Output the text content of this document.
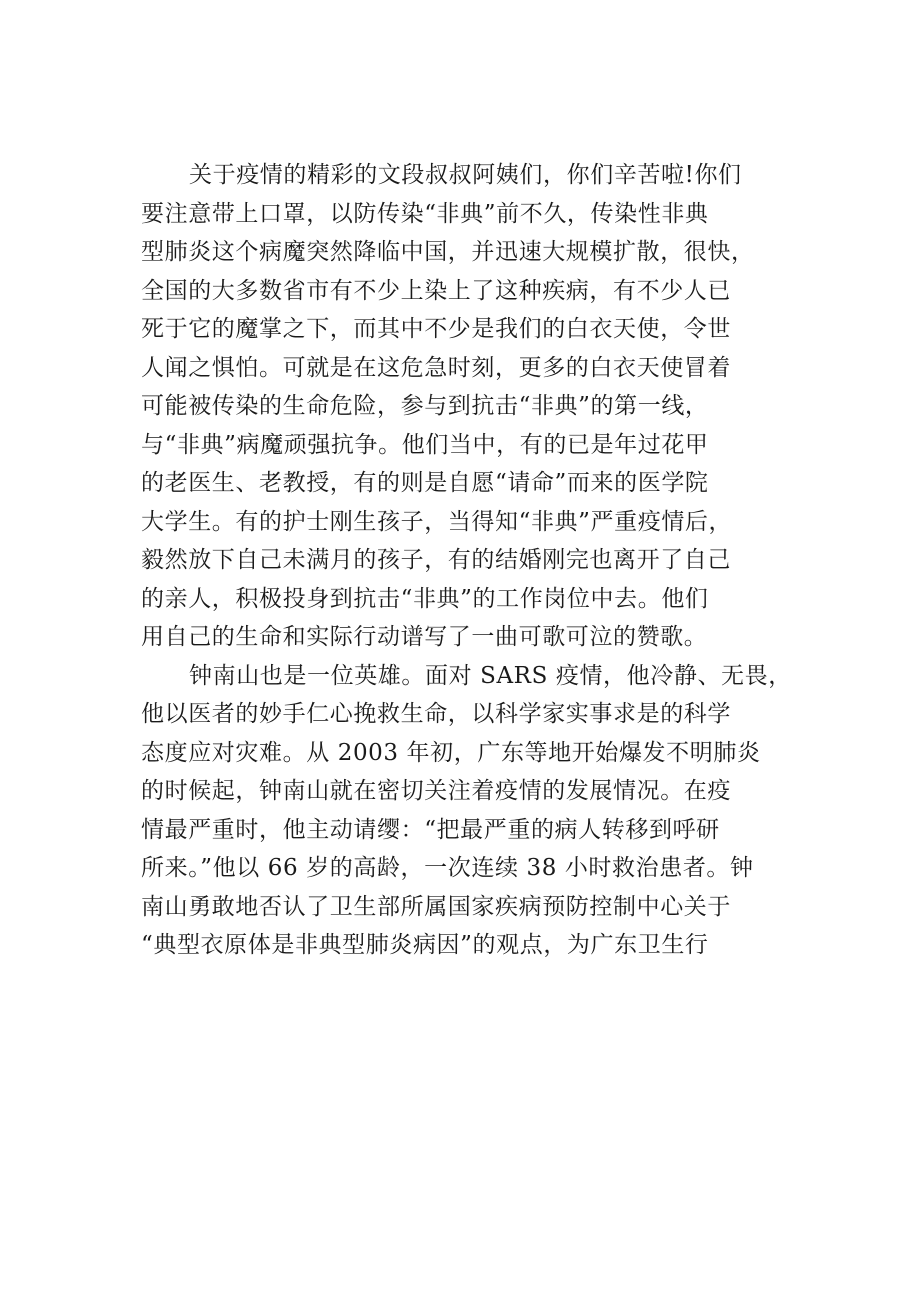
关于疫情的精彩的文段叔叔阿姨们，你们辛苦啦!你们
要注意带上口罩，以防传染“非典”前不久，传染性非典
型肺炎这个病魔突然降临中国，并迅速大规模扩散，很快，
全国的大多数省市有不少上染上了这种疾病，有不少人已
死于它的魔掌之下，而其中不少是我们的白衣天使，令世
人闻之惧怕。可就是在这危急时刻，更多的白衣天使冒着
可能被传染的生命危险，参与到抗击“非典”的第一线，
与“非典”病魔顽强抗争。他们当中，有的已是年过花甲
的老医生、老教授，有的则是自愿“请命”而来的医学院
大学生。有的护士刚生孩子，当得知“非典”严重疫情后，
毅然放下自己未满月的孩子，有的结婚刚完也离开了自己
的亲人，积极投身到抗击“非典”的工作岗位中去。他们
用自己的生命和实际行动谱写了一曲可歌可泣的赞歌。
钟南山也是一位英雄。面对 SARS 疫情，他冷静、无畏，
他以医者的妙手仁心挽救生命，以科学家实事求是的科学
态度应对灾难。从 2003 年初，广东等地开始爆发不明肺炎
的时候起，钟南山就在密切关注着疫情的发展情况。在疫
情最严重时，他主动请缨：“把最严重的病人转移到呼研
所来。”他以 66 岁的高龄，一次连续 38 小时救治患者。钟
南山勇敢地否认了卫生部所属国家疾病预防控制中心关于
“典型衣原体是非典型肺炎病因”的观点，为广东卫生行
